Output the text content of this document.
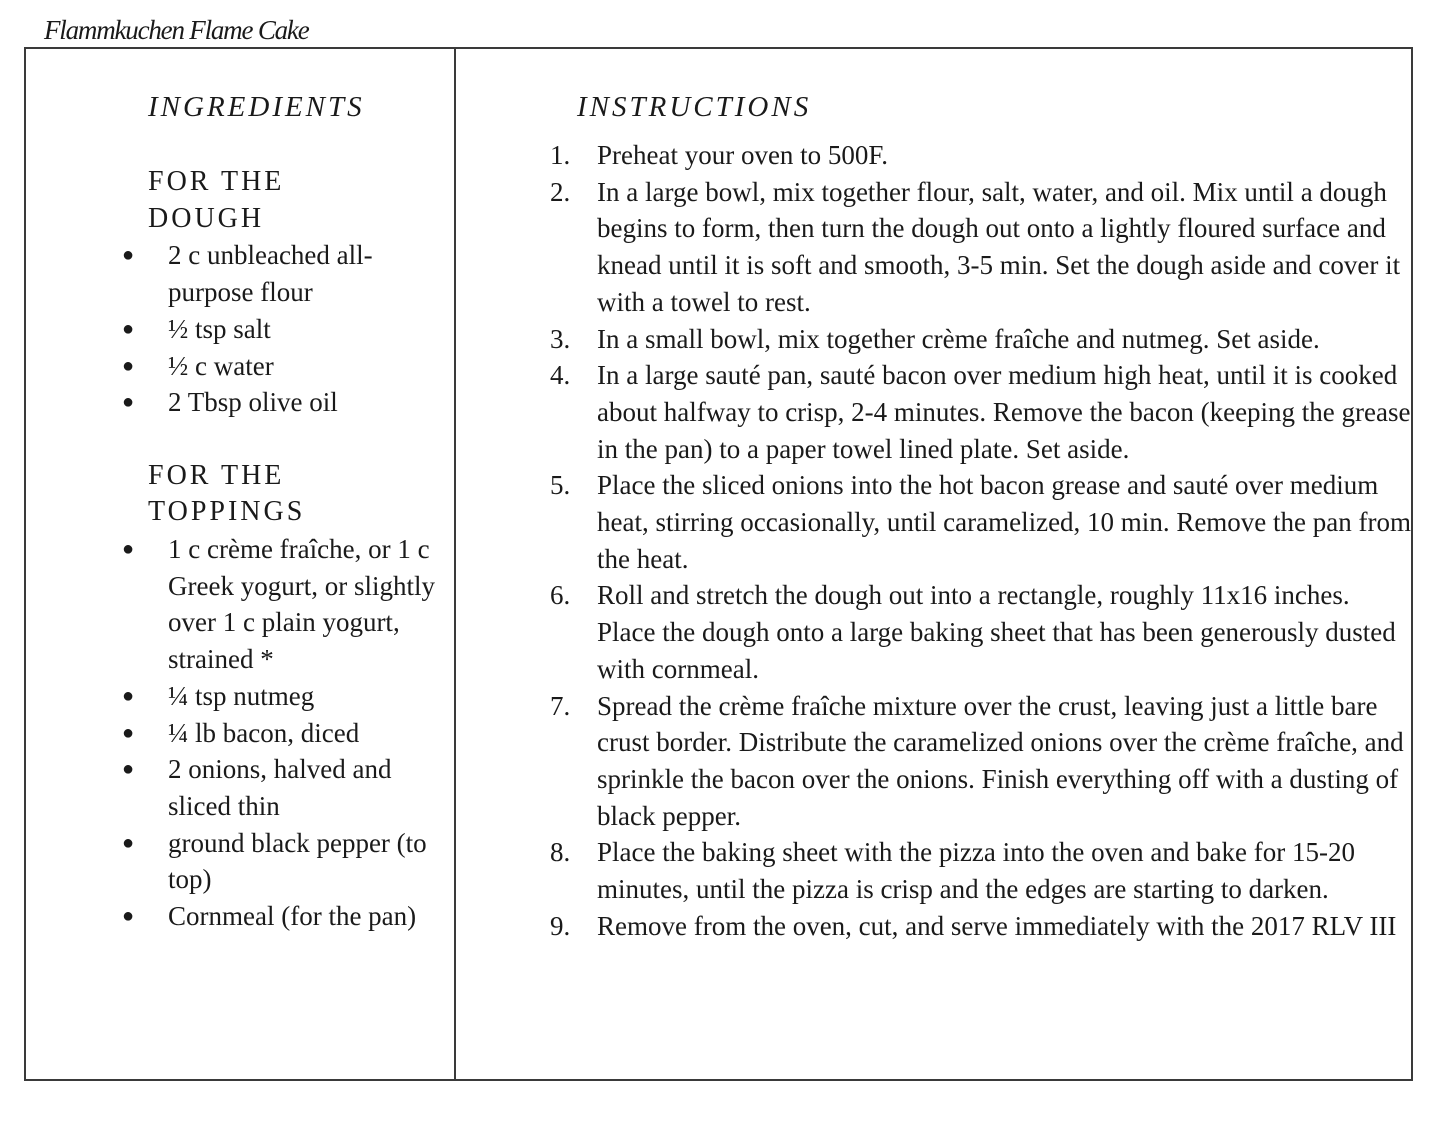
Flammkuchen Flame Cake
INGREDIENTS
FOR THE DOUGH
● 2 c unbleached all-purpose flour
● ½ tsp salt
● ½ c water
● 2 Tbsp olive oil
FOR THE TOPPINGS
● 1 c crème fraîche, or 1 c Greek yogurt, or slightly over 1 c plain yogurt, strained *
● ¼ tsp nutmeg
● ¼ lb bacon, diced
● 2 onions, halved and sliced thin
● ground black pepper (to top)
● Cornmeal (for the pan)
INSTRUCTIONS
1. Preheat your oven to 500F.
2. In a large bowl, mix together flour, salt, water, and oil. Mix until a dough begins to form, then turn the dough out onto a lightly floured surface and knead until it is soft and smooth, 3-5 min. Set the dough aside and cover it with a towel to rest.
3. In a small bowl, mix together crème fraîche and nutmeg. Set aside.
4. In a large sauté pan, sauté bacon over medium high heat, until it is cooked about halfway to crisp, 2-4 minutes. Remove the bacon (keeping the grease in the pan) to a paper towel lined plate. Set aside.
5. Place the sliced onions into the hot bacon grease and sauté over medium heat, stirring occasionally, until caramelized, 10 min. Remove the pan from the heat.
6. Roll and stretch the dough out into a rectangle, roughly 11x16 inches. Place the dough onto a large baking sheet that has been generously dusted with cornmeal.
7. Spread the crème fraîche mixture over the crust, leaving just a little bare crust border. Distribute the caramelized onions over the crème fraîche, and sprinkle the bacon over the onions. Finish everything off with a dusting of black pepper.
8. Place the baking sheet with the pizza into the oven and bake for 15-20 minutes, until the pizza is crisp and the edges are starting to darken.
9. Remove from the oven, cut, and serve immediately with the 2017 RLV III
